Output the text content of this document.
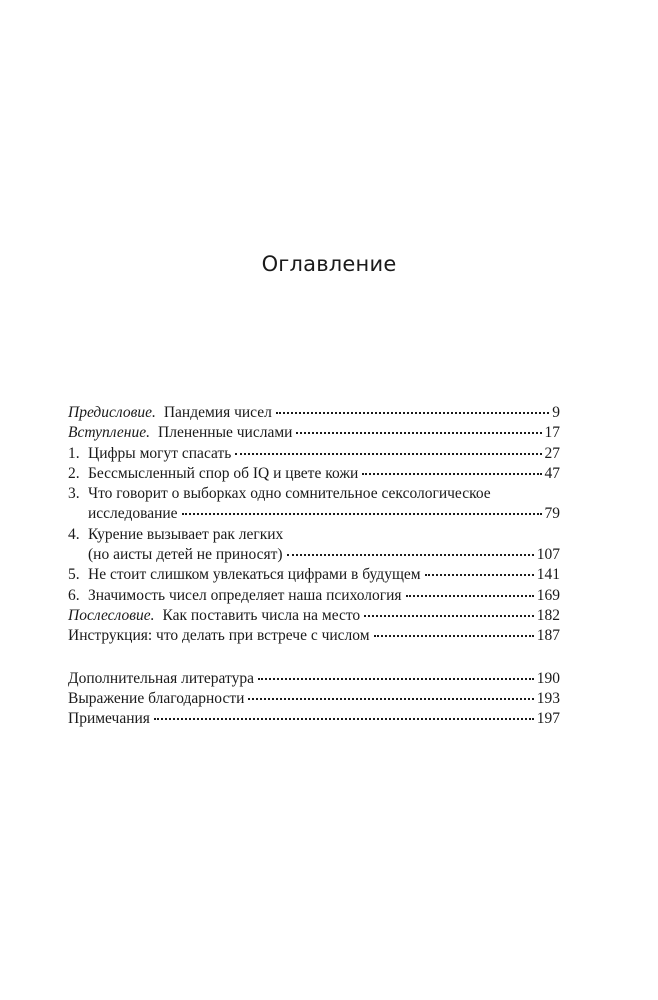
Оглавление
Предисловие. Пандемия чисел	9
Вступление. Плененные числами	17
1. Цифры могут спасать	27
2. Бессмысленный спор об IQ и цвете кожи	47
3. Что говорит о выборках одно сомнительное сексологическое
исследование	79
4. Курение вызывает рак легких
(но аисты детей не приносят)	107
5. Не стоит слишком увлекаться цифрами в будущем	141
6. Значимость чисел определяет наша психология	169
Послесловие. Как поставить числа на место	182
Инструкция: что делать при встрече с числом	187
Дополнительная литература	190
Выражение благодарности	193
Примечания	197
